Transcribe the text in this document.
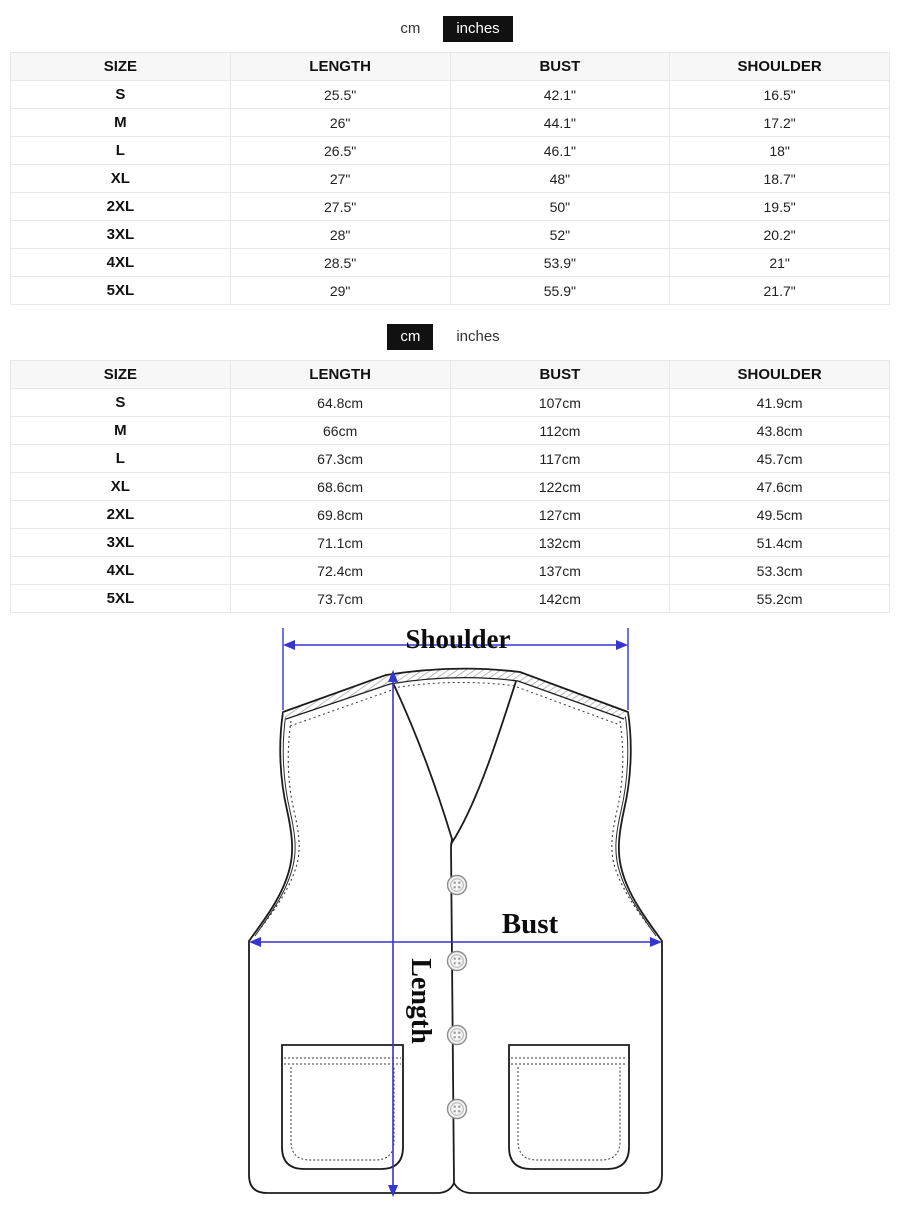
cm	inches
SIZE	LENGTH	BUST	SHOULDER
S	25.5"	42.1"	16.5"
M	26"	44.1"	17.2"
L	26.5"	46.1"	18"
XL	27"	48"	18.7"
2XL	27.5"	50"	19.5"
3XL	28"	52"	20.2"
4XL	28.5"	53.9"	21"
5XL	29"	55.9"	21.7"
cm	inches
SIZE	LENGTH	BUST	SHOULDER
S	64.8cm	107cm	41.9cm
M	66cm	112cm	43.8cm
L	67.3cm	117cm	45.7cm
XL	68.6cm	122cm	47.6cm
2XL	69.8cm	127cm	49.5cm
3XL	71.1cm	132cm	51.4cm
4XL	72.4cm	137cm	53.3cm
5XL	73.7cm	142cm	55.2cm
Shoulder
Bust
Length
